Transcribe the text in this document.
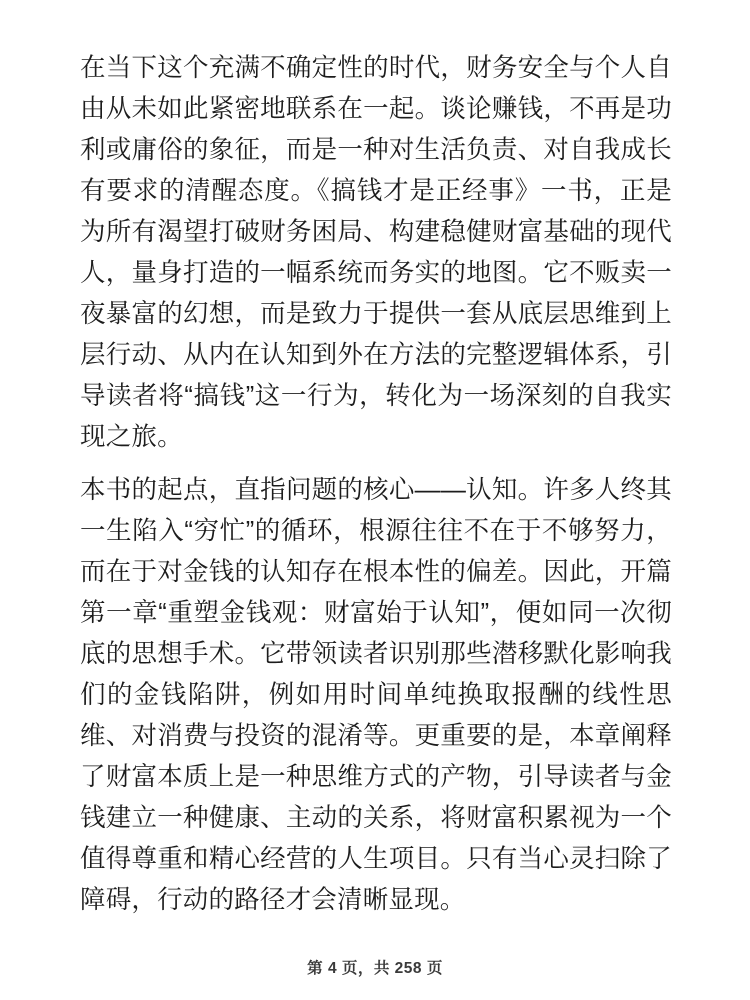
在当下这个充满不确定性的时代，财务安全与个人自由从未如此紧密地联系在一起。谈论赚钱，不再是功利或庸俗的象征，而是一种对生活负责、对自我成长有要求的清醒态度。《搞钱才是正经事》一书，正是为所有渴望打破财务困局、构建稳健财富基础的现代人，量身打造的一幅系统而务实的地图。它不贩卖一夜暴富的幻想，而是致力于提供一套从底层思维到上层行动、从内在认知到外在方法的完整逻辑体系，引导读者将“搞钱”这一行为，转化为一场深刻的自我实现之旅。

本书的起点，直指问题的核心——认知。许多人终其一生陷入“穷忙”的循环，根源往往不在于不够努力，而在于对金钱的认知存在根本性的偏差。因此，开篇第一章“重塑金钱观：财富始于认知”，便如同一次彻底的思想手术。它带领读者识别那些潜移默化影响我们的金钱陷阱，例如用时间单纯换取报酬的线性思维、对消费与投资的混淆等。更重要的是，本章阐释了财富本质上是一种思维方式的产物，引导读者与金钱建立一种健康、主动的关系，将财富积累视为一个值得尊重和精心经营的人生项目。只有当心灵扫除了障碍，行动的路径才会清晰显现。

第 4 页，共 258 页
